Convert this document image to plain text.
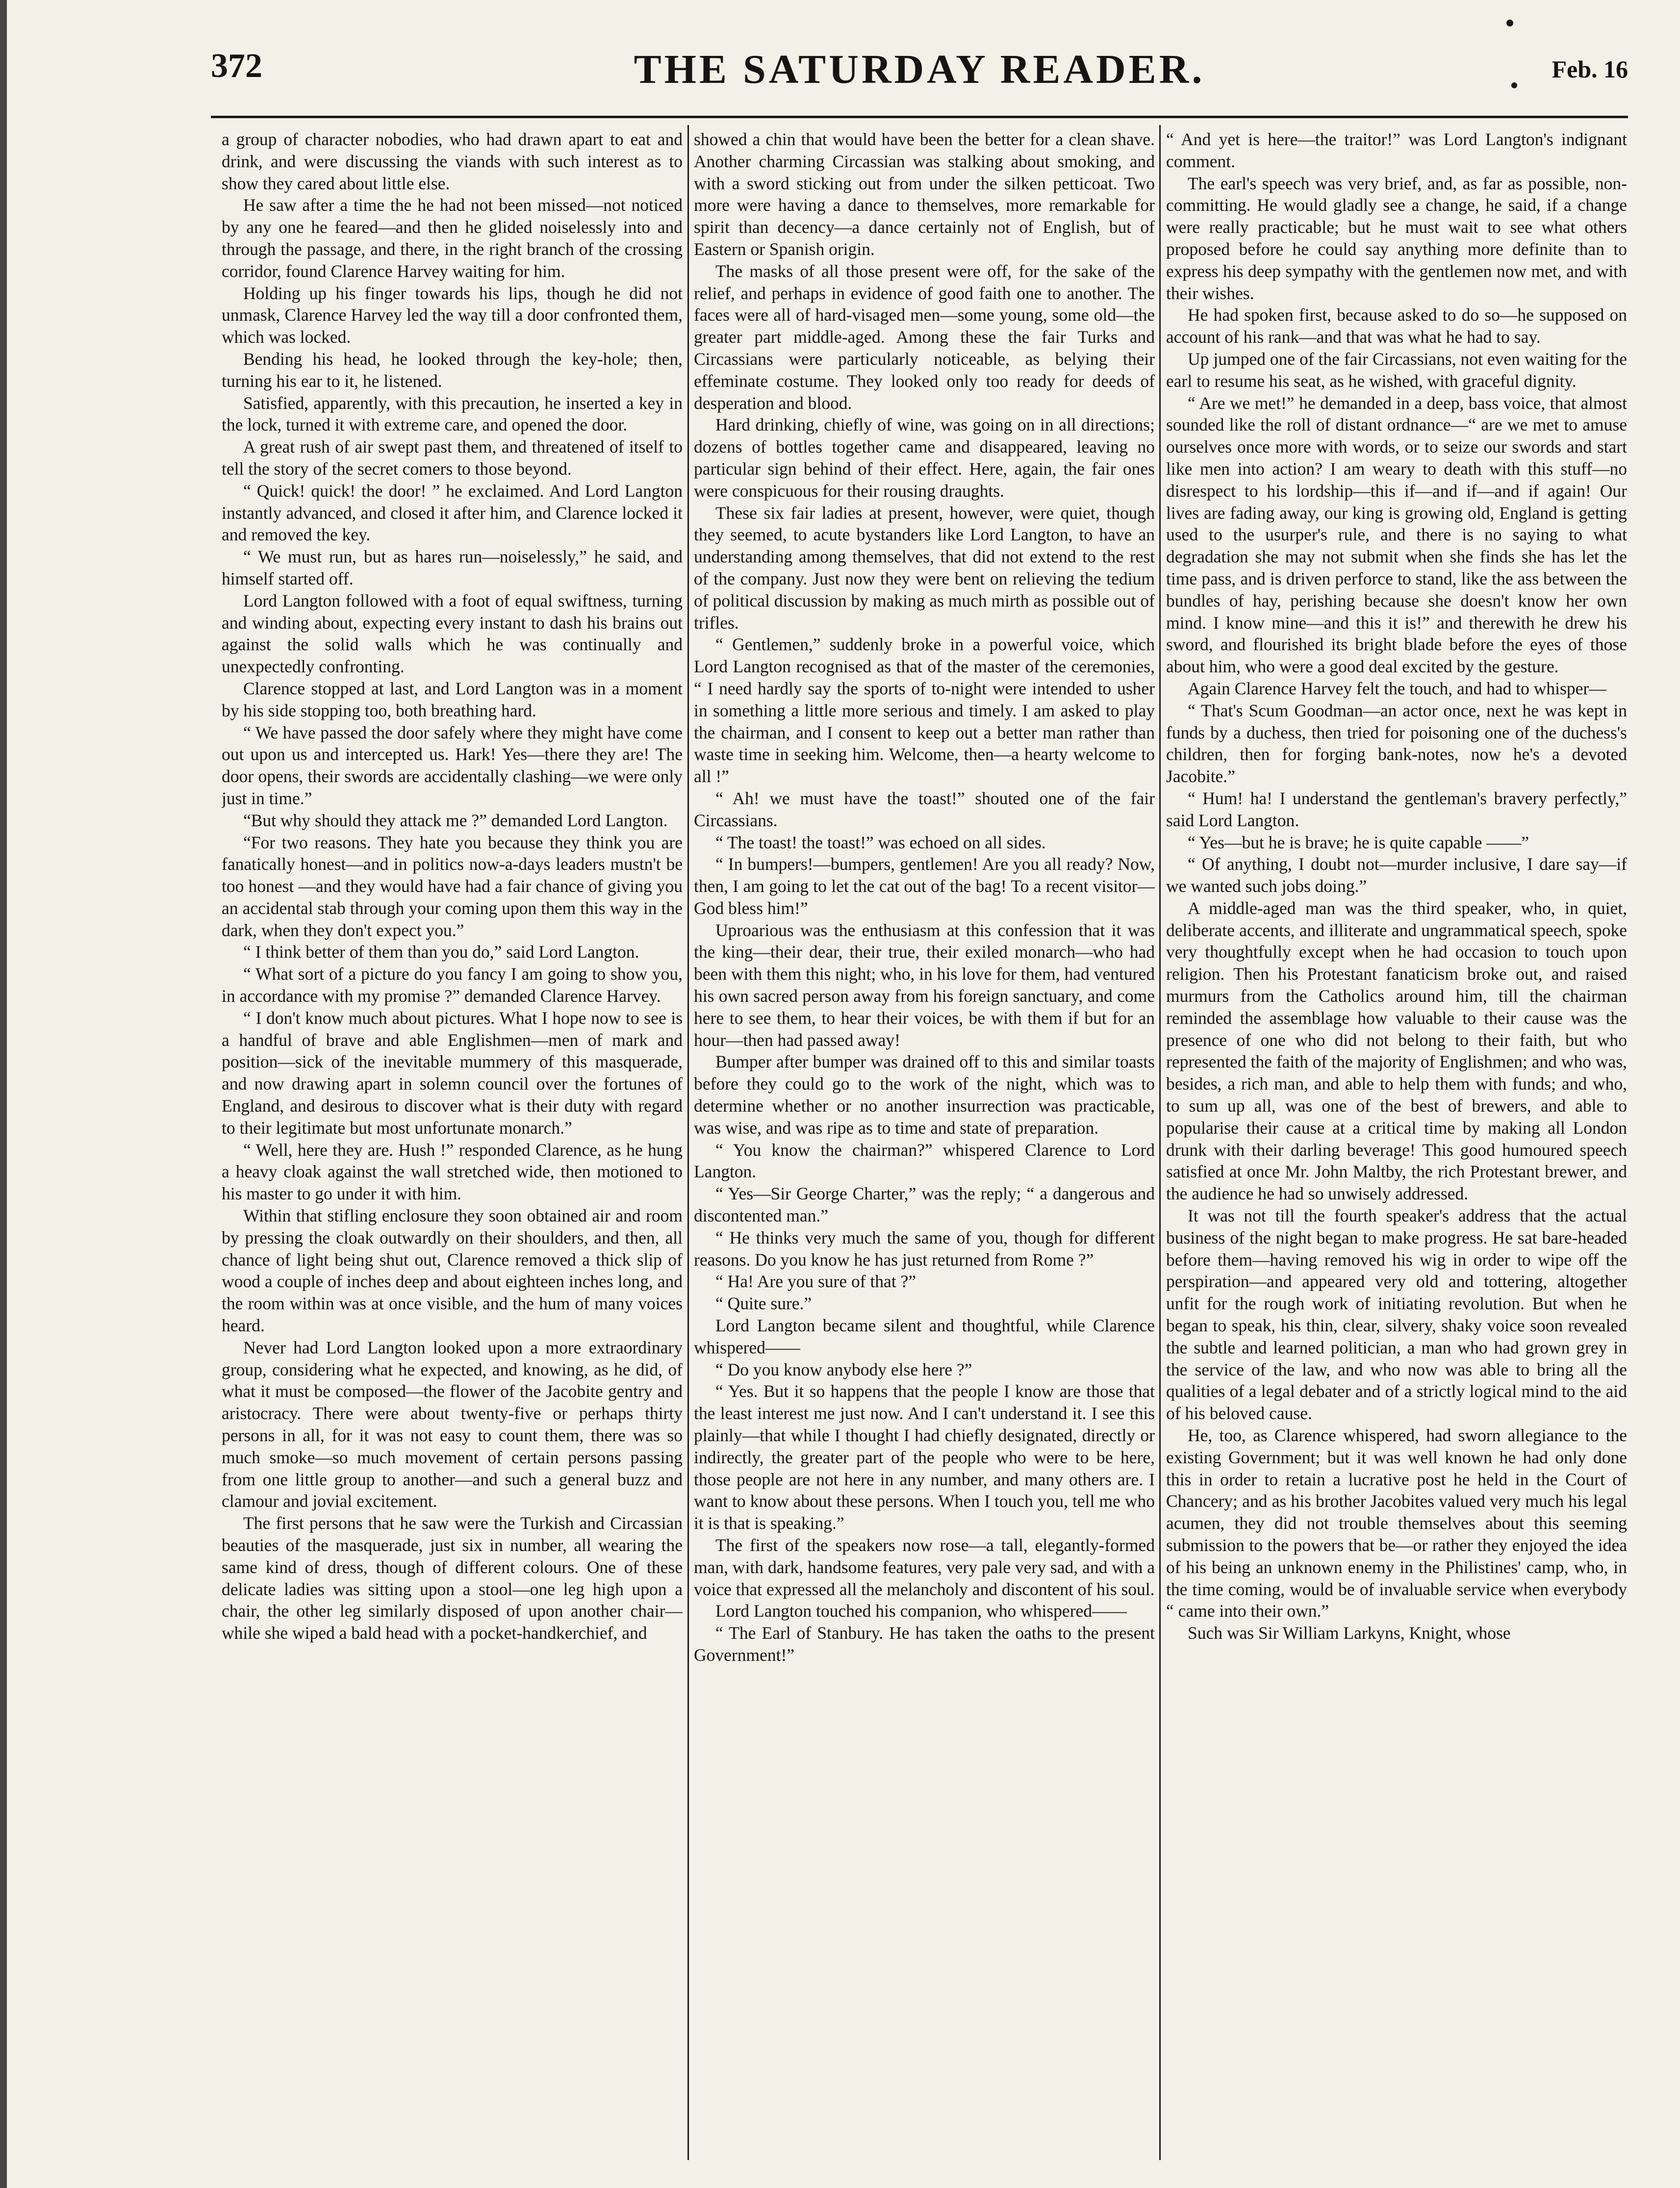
372	THE SATURDAY READER.	Feb. 16

a group of character nobodies, who had drawn apart to eat and drink, and were discussing the viands with such interest as to show they cared about little else.

He saw after a time the he had not been missed—not noticed by any one he feared—and then he glided noiselessly into and through the passage, and there, in the right branch of the crossing corridor, found Clarence Harvey waiting for him.

Holding up his finger towards his lips, though he did not unmask, Clarence Harvey led the way till a door confronted them, which was locked.

Bending his head, he looked through the key-hole; then, turning his ear to it, he listened.

Satisfied, apparently, with this precaution, he inserted a key in the lock, turned it with extreme care, and opened the door.

A great rush of air swept past them, and threatened of itself to tell the story of the secret comers to those beyond.

“ Quick! quick! the door! ” he exclaimed. And Lord Langton instantly advanced, and closed it after him, and Clarence locked it and removed the key.

“ We must run, but as hares run—noiselessly,” he said, and himself started off.

Lord Langton followed with a foot of equal swiftness, turning and winding about, expecting every instant to dash his brains out against the solid walls which he was continually and unexpectedly confronting.

Clarence stopped at last, and Lord Langton was in a moment by his side stopping too, both breathing hard.

“ We have passed the door safely where they might have come out upon us and intercepted us. Hark! Yes—there they are! The door opens, their swords are accidentally clashing—we were only just in time.”

“But why should they attack me ?” demanded Lord Langton.

“For two reasons. They hate you because they think you are fanatically honest—and in politics now-a-days leaders mustn't be too honest —and they would have had a fair chance of giving you an accidental stab through your coming upon them this way in the dark, when they don't expect you.”

“ I think better of them than you do,” said Lord Langton.

“ What sort of a picture do you fancy I am going to show you, in accordance with my promise ?” demanded Clarence Harvey.

“ I don't know much about pictures. What I hope now to see is a handful of brave and able Englishmen—men of mark and position—sick of the inevitable mummery of this masquerade, and now drawing apart in solemn council over the fortunes of England, and desirous to discover what is their duty with regard to their legitimate but most unfortunate monarch.”

“ Well, here they are. Hush !” responded Clarence, as he hung a heavy cloak against the wall stretched wide, then motioned to his master to go under it with him.

Within that stifling enclosure they soon obtained air and room by pressing the cloak outwardly on their shoulders, and then, all chance of light being shut out, Clarence removed a thick slip of wood a couple of inches deep and about eighteen inches long, and the room within was at once visible, and the hum of many voices heard.

Never had Lord Langton looked upon a more extraordinary group, considering what he expected, and knowing, as he did, of what it must be composed—the flower of the Jacobite gentry and aristocracy. There were about twenty-five or perhaps thirty persons in all, for it was not easy to count them, there was so much smoke—so much movement of certain persons passing from one little group to another—and such a general buzz and clamour and jovial excitement.

The first persons that he saw were the Turkish and Circassian beauties of the masquerade, just six in number, all wearing the same kind of dress, though of different colours. One of these delicate ladies was sitting upon a stool—one leg high upon a chair, the other leg similarly disposed of upon another chair—while she wiped a bald head with a pocket-handkerchief, and

showed a chin that would have been the better for a clean shave. Another charming Circassian was stalking about smoking, and with a sword sticking out from under the silken petticoat. Two more were having a dance to themselves, more remarkable for spirit than decency—a dance certainly not of English, but of Eastern or Spanish origin.

The masks of all those present were off, for the sake of the relief, and perhaps in evidence of good faith one to another. The faces were all of hard-visaged men—some young, some old—the greater part middle-aged. Among these the fair Turks and Circassians were particularly noticeable, as belying their effeminate costume. They looked only too ready for deeds of desperation and blood.

Hard drinking, chiefly of wine, was going on in all directions; dozens of bottles together came and disappeared, leaving no particular sign behind of their effect. Here, again, the fair ones were conspicuous for their rousing draughts.

These six fair ladies at present, however, were quiet, though they seemed, to acute bystanders like Lord Langton, to have an understanding among themselves, that did not extend to the rest of the company. Just now they were bent on relieving the tedium of political discussion by making as much mirth as possible out of trifles.

“ Gentlemen,” suddenly broke in a powerful voice, which Lord Langton recognised as that of the master of the ceremonies, “ I need hardly say the sports of to-night were intended to usher in something a little more serious and timely. I am asked to play the chairman, and I consent to keep out a better man rather than waste time in seeking him. Welcome, then—a hearty welcome to all !”

“ Ah! we must have the toast!” shouted one of the fair Circassians.

“ The toast! the toast!” was echoed on all sides.

“ In bumpers!—bumpers, gentlemen! Are you all ready? Now, then, I am going to let the cat out of the bag! To a recent visitor—God bless him!”

Uproarious was the enthusiasm at this confession that it was the king—their dear, their true, their exiled monarch—who had been with them this night; who, in his love for them, had ventured his own sacred person away from his foreign sanctuary, and come here to see them, to hear their voices, be with them if but for an hour—then had passed away!

Bumper after bumper was drained off to this and similar toasts before they could go to the work of the night, which was to determine whether or no another insurrection was practicable, was wise, and was ripe as to time and state of preparation.

“ You know the chairman?” whispered Clarence to Lord Langton.

“ Yes—Sir George Charter,” was the reply; “ a dangerous and discontented man.”

“ He thinks very much the same of you, though for different reasons. Do you know he has just returned from Rome ?”

“ Ha! Are you sure of that ?”

“ Quite sure.”

Lord Langton became silent and thoughtful, while Clarence whispered——

“ Do you know anybody else here ?”

“ Yes. But it so happens that the people I know are those that the least interest me just now. And I can't understand it. I see this plainly—that while I thought I had chiefly designated, directly or indirectly, the greater part of the people who were to be here, those people are not here in any number, and many others are. I want to know about these persons. When I touch you, tell me who it is that is speaking.”

The first of the speakers now rose—a tall, elegantly-formed man, with dark, handsome features, very pale very sad, and with a voice that expressed all the melancholy and discontent of his soul.

Lord Langton touched his companion, who whispered——

“ The Earl of Stanbury. He has taken the oaths to the present Government!”

“ And yet is here—the traitor!” was Lord Langton's indignant comment.

The earl's speech was very brief, and, as far as possible, non-committing. He would gladly see a change, he said, if a change were really practicable; but he must wait to see what others proposed before he could say anything more definite than to express his deep sympathy with the gentlemen now met, and with their wishes.

He had spoken first, because asked to do so—he supposed on account of his rank—and that was what he had to say.

Up jumped one of the fair Circassians, not even waiting for the earl to resume his seat, as he wished, with graceful dignity.

“ Are we met!” he demanded in a deep, bass voice, that almost sounded like the roll of distant ordnance—“ are we met to amuse ourselves once more with words, or to seize our swords and start like men into action? I am weary to death with this stuff—no disrespect to his lordship—this if—and if—and if again! Our lives are fading away, our king is growing old, England is getting used to the usurper's rule, and there is no saying to what degradation she may not submit when she finds she has let the time pass, and is driven perforce to stand, like the ass between the bundles of hay, perishing because she doesn't know her own mind. I know mine—and this it is!” and therewith he drew his sword, and flourished its bright blade before the eyes of those about him, who were a good deal excited by the gesture.

Again Clarence Harvey felt the touch, and had to whisper—

“ That's Scum Goodman—an actor once, next he was kept in funds by a duchess, then tried for poisoning one of the duchess's children, then for forging bank-notes, now he's a devoted Jacobite.”

“ Hum! ha! I understand the gentleman's bravery perfectly,” said Lord Langton.

“ Yes—but he is brave; he is quite capable ——”

“ Of anything, I doubt not—murder inclusive, I dare say—if we wanted such jobs doing.”

A middle-aged man was the third speaker, who, in quiet, deliberate accents, and illiterate and ungrammatical speech, spoke very thoughtfully except when he had occasion to touch upon religion. Then his Protestant fanaticism broke out, and raised murmurs from the Catholics around him, till the chairman reminded the assemblage how valuable to their cause was the presence of one who did not belong to their faith, but who represented the faith of the majority of Englishmen; and who was, besides, a rich man, and able to help them with funds; and who, to sum up all, was one of the best of brewers, and able to popularise their cause at a critical time by making all London drunk with their darling beverage! This good humoured speech satisfied at once Mr. John Maltby, the rich Protestant brewer, and the audience he had so unwisely addressed.

It was not till the fourth speaker's address that the actual business of the night began to make progress. He sat bare-headed before them—having removed his wig in order to wipe off the perspiration—and appeared very old and tottering, altogether unfit for the rough work of initiating revolution. But when he began to speak, his thin, clear, silvery, shaky voice soon revealed the subtle and learned politician, a man who had grown grey in the service of the law, and who now was able to bring all the qualities of a legal debater and of a strictly logical mind to the aid of his beloved cause.

He, too, as Clarence whispered, had sworn allegiance to the existing Government; but it was well known he had only done this in order to retain a lucrative post he held in the Court of Chancery; and as his brother Jacobites valued very much his legal acumen, they did not trouble themselves about this seeming submission to the powers that be—or rather they enjoyed the idea of his being an unknown enemy in the Philistines' camp, who, in the time coming, would be of invaluable service when everybody “ came into their own.”

Such was Sir William Larkyns, Knight, whose
